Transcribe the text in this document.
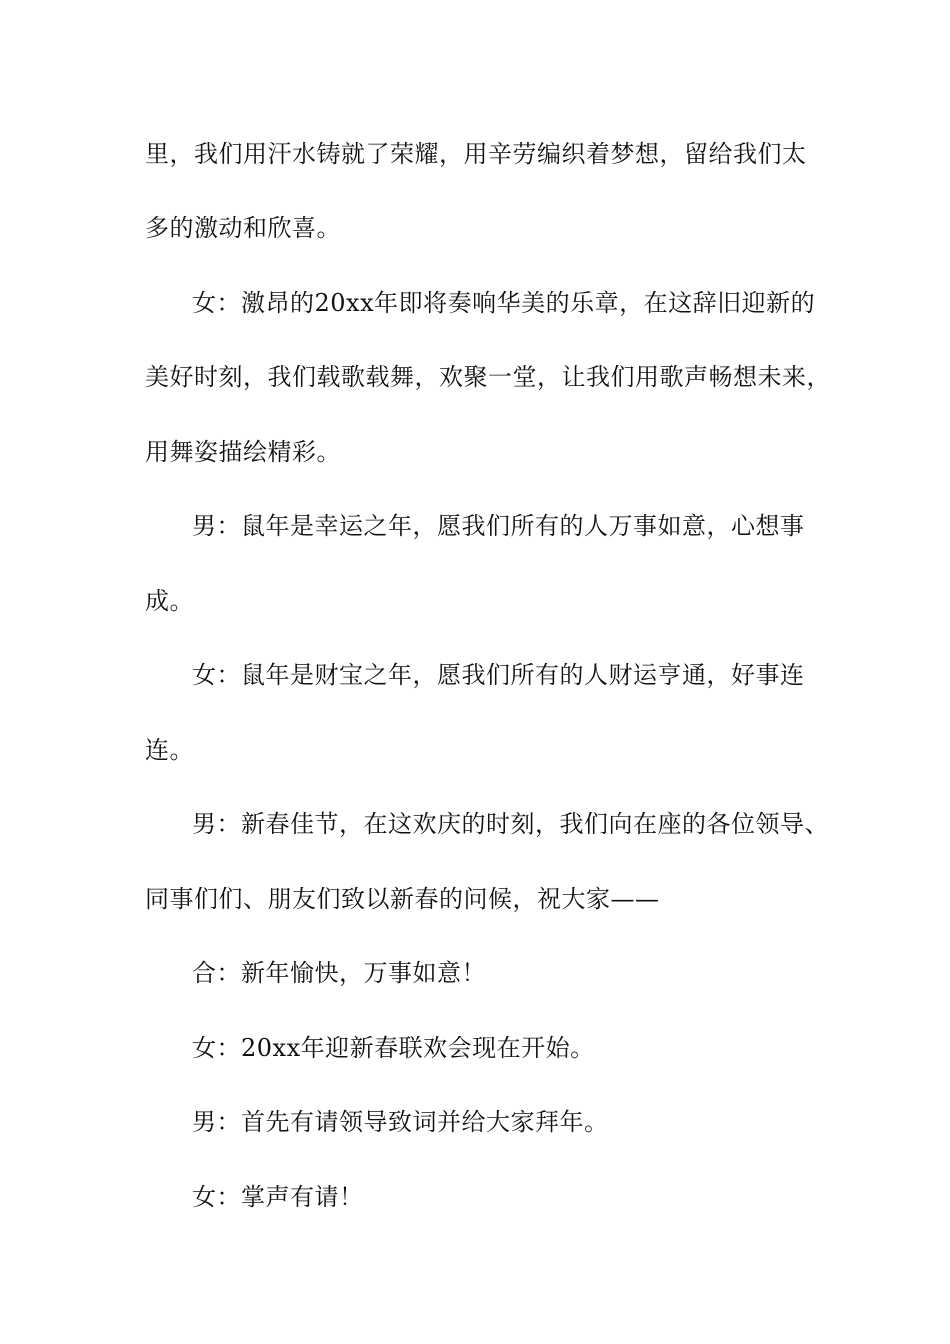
里，我们用汗水铸就了荣耀，用辛劳编织着梦想，留给我们太
多的激动和欣喜。
女：激昂的20xx年即将奏响华美的乐章，在这辞旧迎新的
美好时刻，我们载歌载舞，欢聚一堂，让我们用歌声畅想未来，
用舞姿描绘精彩。
男：鼠年是幸运之年，愿我们所有的人万事如意，心想事
成。
女：鼠年是财宝之年，愿我们所有的人财运亨通，好事连
连。
男：新春佳节，在这欢庆的时刻，我们向在座的各位领导、
同事们们、朋友们致以新春的问候，祝大家——
合：新年愉快，万事如意！
女：20xx年迎新春联欢会现在开始。
男：首先有请领导致词并给大家拜年。
女：掌声有请！
